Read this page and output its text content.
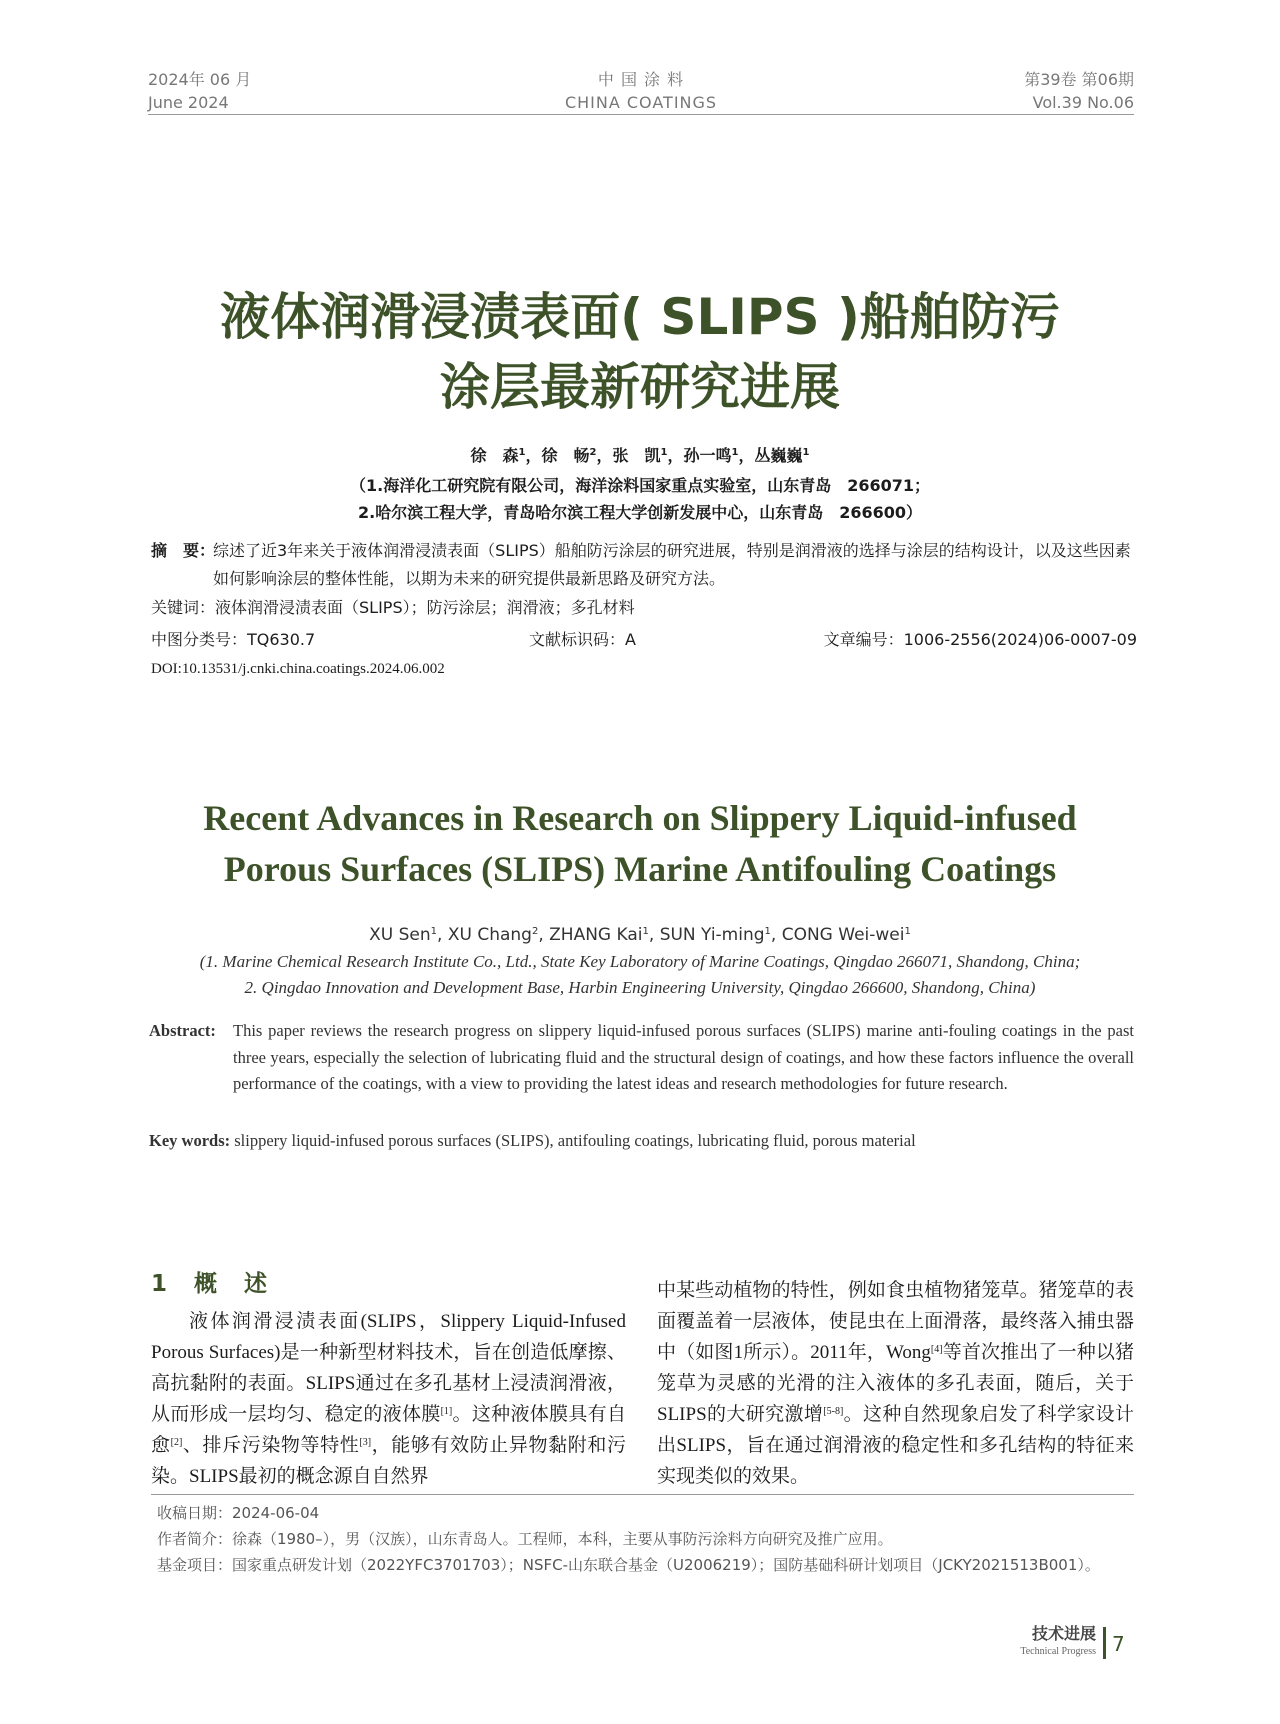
2024年 06 月
June 2024
中 国 涂 料
CHINA COATINGS
第39卷 第06期
Vol.39 No.06
液体润滑浸渍表面( SLIPS )船舶防污
涂层最新研究进展
徐　森$^1$，徐　畅$^2$，张　凯$^1$，孙一鸣$^1$，丛巍巍$^1$
（1.海洋化工研究院有限公司，海洋涂料国家重点实验室，山东青岛　266071；
2.哈尔滨工程大学，青岛哈尔滨工程大学创新发展中心，山东青岛　266600）
摘　要：
综述了近3年来关于液体润滑浸渍表面（SLIPS）船舶防污涂层的研究进展，特别是润滑液的选择与涂层的结构设计，以及这些因素如何影响涂层的整体性能，以期为未来的研究提供最新思路及研究方法。
关键词：液体润滑浸渍表面（SLIPS）；防污涂层；润滑液；多孔材料
中图分类号：TQ630.7	文献标识码：A	文章编号：1006-2556(2024)06-0007-09
DOI:10.13531/j.cnki.china.coatings.2024.06.002
Recent Advances in Research on Slippery Liquid-infused
Porous Surfaces (SLIPS) Marine Antifouling Coatings
XU Sen$^1$, XU Chang$^2$, ZHANG Kai$^1$, SUN Yi-ming$^1$, CONG Wei-wei$^1$
(1. Marine Chemical Research Institute Co., Ltd., State Key Laboratory of Marine Coatings, Qingdao 266071, Shandong, China;
2. Qingdao Innovation and Development Base, Harbin Engineering University, Qingdao 266600, Shandong, China)
Abstract: This paper reviews the research progress on slippery liquid-infused porous surfaces (SLIPS) marine anti-fouling coatings in the past three years, especially the selection of lubricating fluid and the structural design of coatings, and how these factors influence the overall performance of the coatings, with a view to providing the latest ideas and research methodologies for future research.
Key words: slippery liquid-infused porous surfaces (SLIPS), antifouling coatings, lubricating fluid, porous material
1　概　述
液体润滑浸渍表面(SLIPS，Slippery Liquid-Infused Porous Surfaces)是一种新型材料技术，旨在创造低摩擦、高抗黏附的表面。SLIPS通过在多孔基材上浸渍润滑液，从而形成一层均匀、稳定的液体膜[1]。这种液体膜具有自愈[2]、排斥污染物等特性[3]，能够有效防止异物黏附和污染。SLIPS最初的概念源自自然界
中某些动植物的特性，例如食虫植物猪笼草。猪笼草的表面覆盖着一层液体，使昆虫在上面滑落，最终落入捕虫器中（如图1所示）。2011年，Wong[4]等首次推出了一种以猪笼草为灵感的光滑的注入液体的多孔表面，随后，关于SLIPS的大研究激增[5-8]。这种自然现象启发了科学家设计出SLIPS，旨在通过润滑液的稳定性和多孔结构的特征来实现类似的效果。
收稿日期：2024-06-04
作者简介：徐森（1980–），男（汉族），山东青岛人。工程师，本科，主要从事防污涂料方向研究及推广应用。
基金项目：国家重点研发计划（2022YFC3701703）；NSFC-山东联合基金（U2006219）；国防基础科研计划项目（JCKY2021513B001）。
技术进展
Technical Progress 7
